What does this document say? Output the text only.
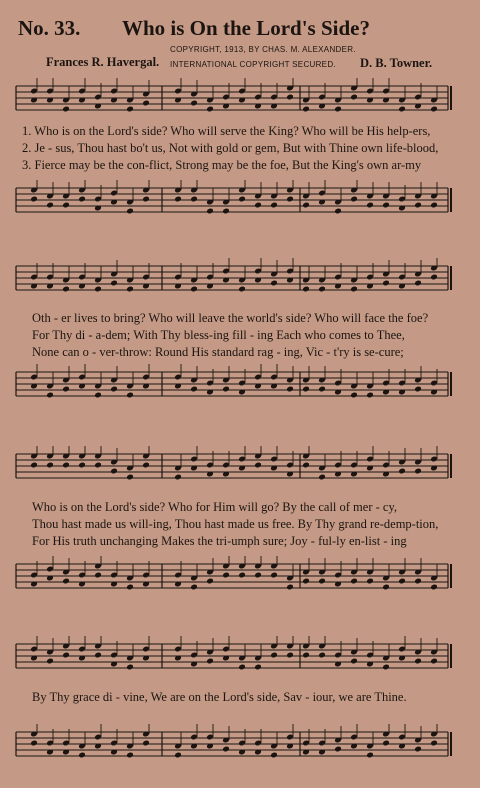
No. 33. Who is On the Lord's Side?
COPYRIGHT, 1913, BY CHAS. M. ALEXANDER.
Frances R. Havergal. INTERNATIONAL COPYRIGHT SECURED. D. B. Towner.
1. Who is on the Lord's side? Who will serve the King? Who will be His help-ers,
2. Je - sus, Thou hast bo't us, Not with gold or gem, But with Thine own life-blood,
3. Fierce may be the con-flict, Strong may be the foe, But the King's own ar-my
Oth - er lives to bring? Who will leave the world's side? Who will face the foe?
For Thy di - a-dem; With Thy bless-ing fill - ing Each who comes to Thee,
None can o - ver-throw: Round His standard rag - ing, Vic - t'ry is se-cure;
Who is on the Lord's side? Who for Him will go? By the call of mer - cy,
Thou hast made us will-ing, Thou hast made us free. By Thy grand re-demp-tion,
For His truth unchanging Makes the tri-umph sure; Joy - ful-ly en-list - ing
By Thy grace di - vine, We are on the Lord's side, Sav - iour, we are Thine.
